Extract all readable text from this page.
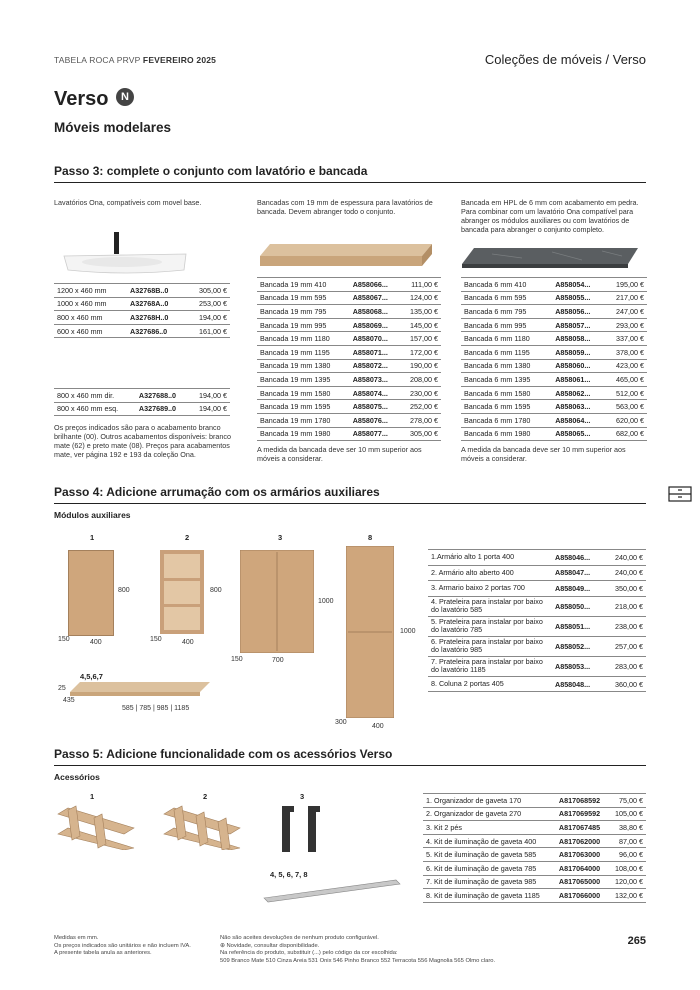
TABELA ROCA PRVP FEVEREIRO 2025	Coleções de móveis / Verso
Verso	N
Móveis modelares
Passo 3: complete o conjunto com lavatório e bancada
Lavatórios Ona, compatíveis com movel base.
1200 x 460 mm	A32768B..0	305,00 €
1000 x 460 mm	A32768A..0	253,00 €
800 x 460 mm	A32768H..0	194,00 €
600 x 460 mm	A327686..0	161,00 €
800 x 460 mm dir.	A327688..0	194,00 €
800 x 460 mm esq.	A327689..0	194,00 €
Os preços indicados são para o acabamento branco brilhante (00). Outros acabamentos disponíveis: branco mate (62) e preto mate (08). Preços para acabamentos mate, ver página 192 e 193 da coleção Ona.
Bancadas com 19 mm de espessura para lavatórios de bancada. Devem abranger todo o conjunto.
Bancada 19 mm 410	A858066...	111,00 €
Bancada 19 mm 595	A858067...	124,00 €
Bancada 19 mm 795	A858068...	135,00 €
Bancada 19 mm 995	A858069...	145,00 €
Bancada 19 mm 1180	A858070...	157,00 €
Bancada 19 mm 1195	A858071...	172,00 €
Bancada 19 mm 1380	A858072...	190,00 €
Bancada 19 mm 1395	A858073...	208,00 €
Bancada 19 mm 1580	A858074...	230,00 €
Bancada 19 mm 1595	A858075...	252,00 €
Bancada 19 mm 1780	A858076...	278,00 €
Bancada 19 mm 1980	A858077...	305,00 €
A medida da bancada deve ser 10 mm superior aos móveis a considerar.
Bancada em HPL de 6 mm com acabamento em pedra. Para combinar com um lavatório Ona compatível para abranger os módulos auxiliares ou com lavatórios de bancada para abranger o conjunto completo.
Bancada 6 mm 410	A858054...	195,00 €
Bancada 6 mm 595	A858055...	217,00 €
Bancada 6 mm 795	A858056...	247,00 €
Bancada 6 mm 995	A858057...	293,00 €
Bancada 6 mm 1180	A858058...	337,00 €
Bancada 6 mm 1195	A858059...	378,00 €
Bancada 6 mm 1380	A858060...	423,00 €
Bancada 6 mm 1395	A858061...	465,00 €
Bancada 6 mm 1580	A858062...	512,00 €
Bancada 6 mm 1595	A858063...	563,00 €
Bancada 6 mm 1780	A858064...	620,00 €
Bancada 6 mm 1980	A858065...	682,00 €
A medida da bancada deve ser 10 mm superior aos móveis a considerar.
Passo 4: Adicione arrumação com os armários auxiliares
Módulos auxiliares
1
800
150	400
2
800
150	400
3
1000
150	700
8
1000
300
400
4,5,6,7
25
435
585 | 785 | 985 | 1185
1.Armário alto 1 porta 400	A858046...	240,00 €
2. Armário alto aberto 400	A858047...	240,00 €
3. Armario baixo 2 portas 700	A858049...	350,00 €
4. Prateleira para instalar por baixo do lavatório 585	A858050...	218,00 €
5. Prateleira para instalar por baixo do lavatório 785	A858051...	238,00 €
6. Prateleira para instalar por baixo do lavatório 985	A858052...	257,00 €
7. Prateleira para instalar por baixo do lavatório 1185	A858053...	283,00 €
8. Coluna 2 portas 405	A858048...	360,00 €
Passo 5: Adicione funcionalidade com os acessórios Verso
Acessórios
1	2	3
4, 5, 6, 7, 8
1. Organizador de gaveta 170	A817068592	75,00 €
2. Organizador de gaveta 270	A817069592	105,00 €
3. Kit 2 pés	A817067485	38,80 €
4. Kit de iluminação de gaveta 400	A817062000	87,00 €
5. Kit de iluminação de gaveta 585	A817063000	96,00 €
6. Kit de iluminação de gaveta 785	A817064000	108,00 €
7. Kit de iluminação de gaveta 985	A817065000	120,00 €
8. Kit de iluminação de gaveta 1185	A817066000	132,00 €
Medidas em mm.
Os preços indicados são unitários e não incluem IVA.
A presente tabela anula as anteriores.
Não são aceites devoluções de nenhum produto configurável.
⊕ Novidade, consultar disponibilidade.
Na referência do produto, substituir (...) pelo código da cor escolhida:
509 Branco Mate 510 Cinza Areia 531 Onix 546 Pinho Branco 552 Terracota 556 Magnolia 565 Olmo claro.
265
